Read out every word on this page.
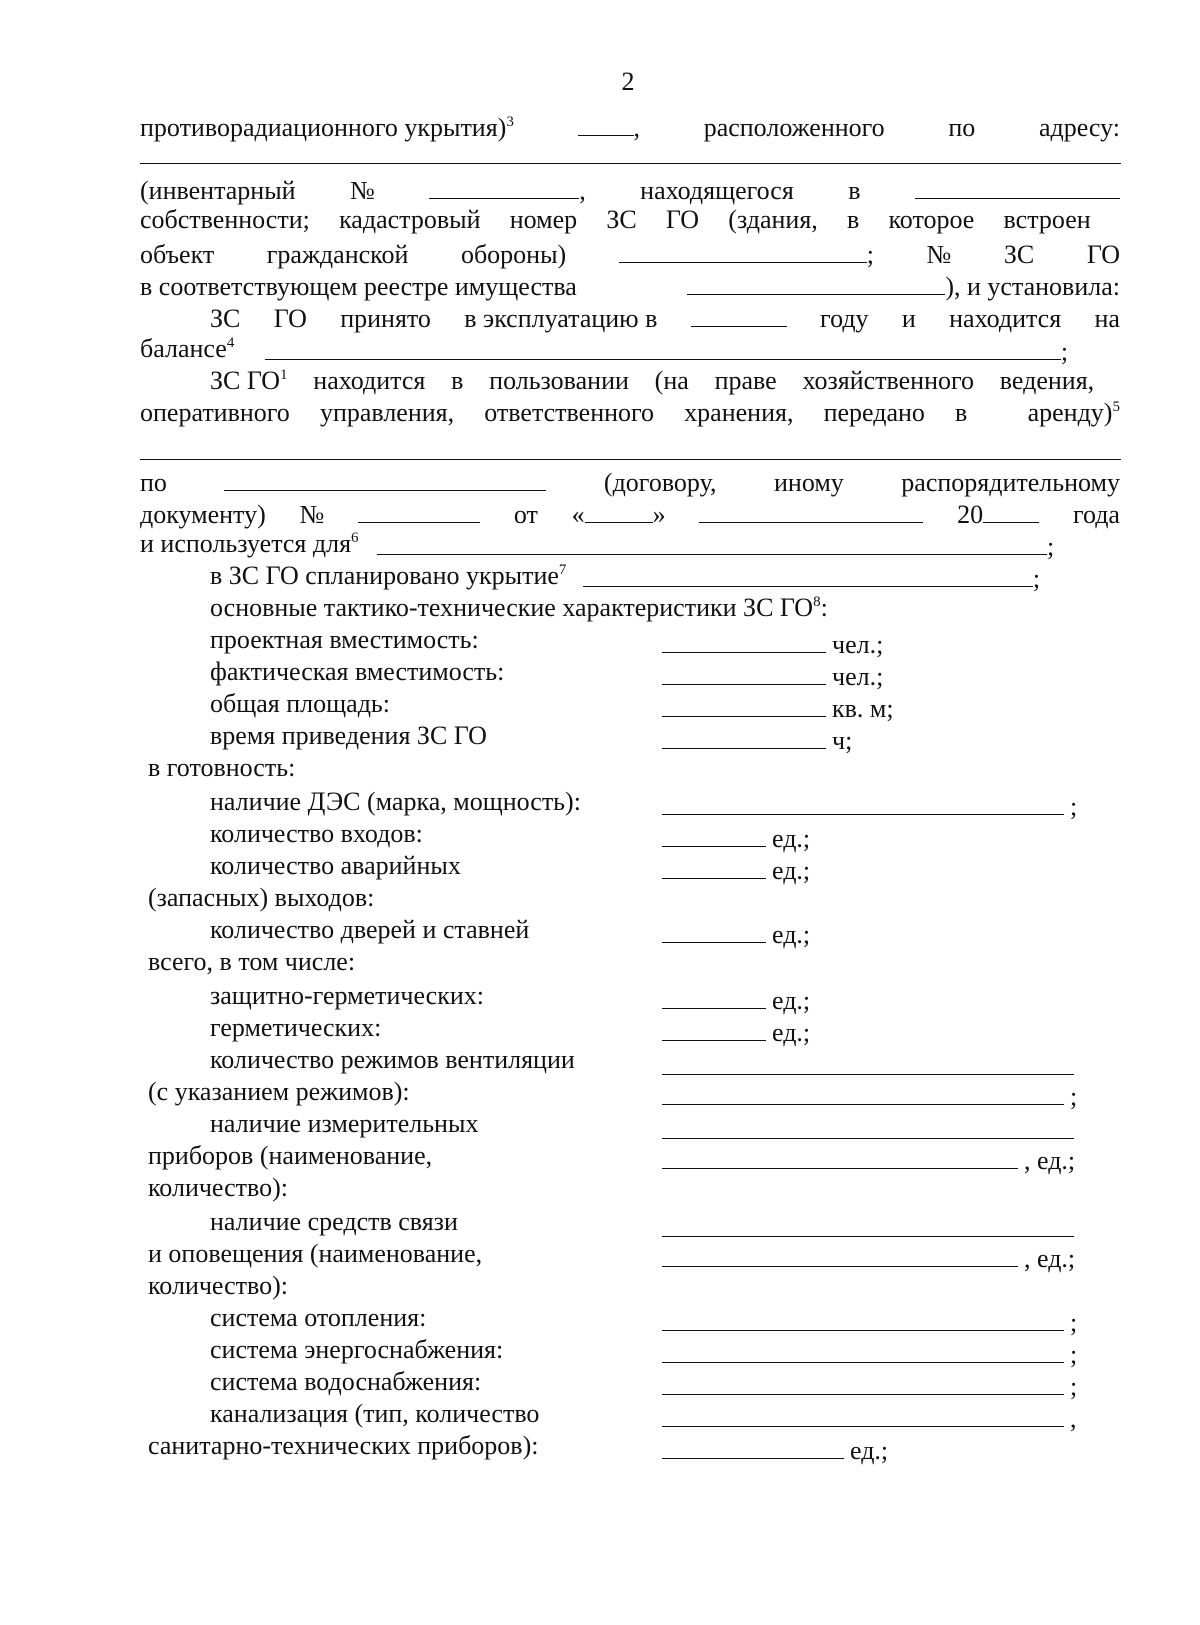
2
противорадиационного укрытия)$^3$	, расположенного по адресу:
(инвентарный №	, находящегося в
собственности; кадастровый номер ЗС ГО (здания, в которое встроен
объект гражданской обороны)	; № ЗС ГО
в соответствующем реестре имущества	), и установила:
ЗС ГО принято в эксплуатацию в	году и находится на
балансе$^4$	;
ЗС $ГО^1$ находится в пользовании (на праве хозяйственного ведения,
оперативного управления, ответственного хранения, передано в аренду)$^5$
по	(договору, иному распорядительному
документу) №	от «	»	20	года
и используется для$^6$	;
в ЗС ГО спланировано укрытие$^7$	;
основные тактико-технические характеристики ЗС $ГО^8$:
проектная вместимость:	чел.;
фактическая вместимость:	чел.;
общая площадь:	кв. м;
время приведения ЗС ГО	ч;
в готовность:
наличие ДЭС (марка, мощность):	;
количество входов:	ед.;
количество аварийных	ед.;
(запасных) выходов:
количество дверей и ставней	ед.;
всего, в том числе:
защитно-герметических:	ед.;
герметических:	ед.;
количество режимов вентиляции
(с указанием режимов):	;
наличие измерительных
приборов (наименование,	, ед.;
количество):
наличие средств связи
и оповещения (наименование,	, ед.;
количество):
система отопления:	;
система энергоснабжения:	;
система водоснабжения:	;
канализация (тип, количество	,
санитарно-технических приборов):	ед.;
